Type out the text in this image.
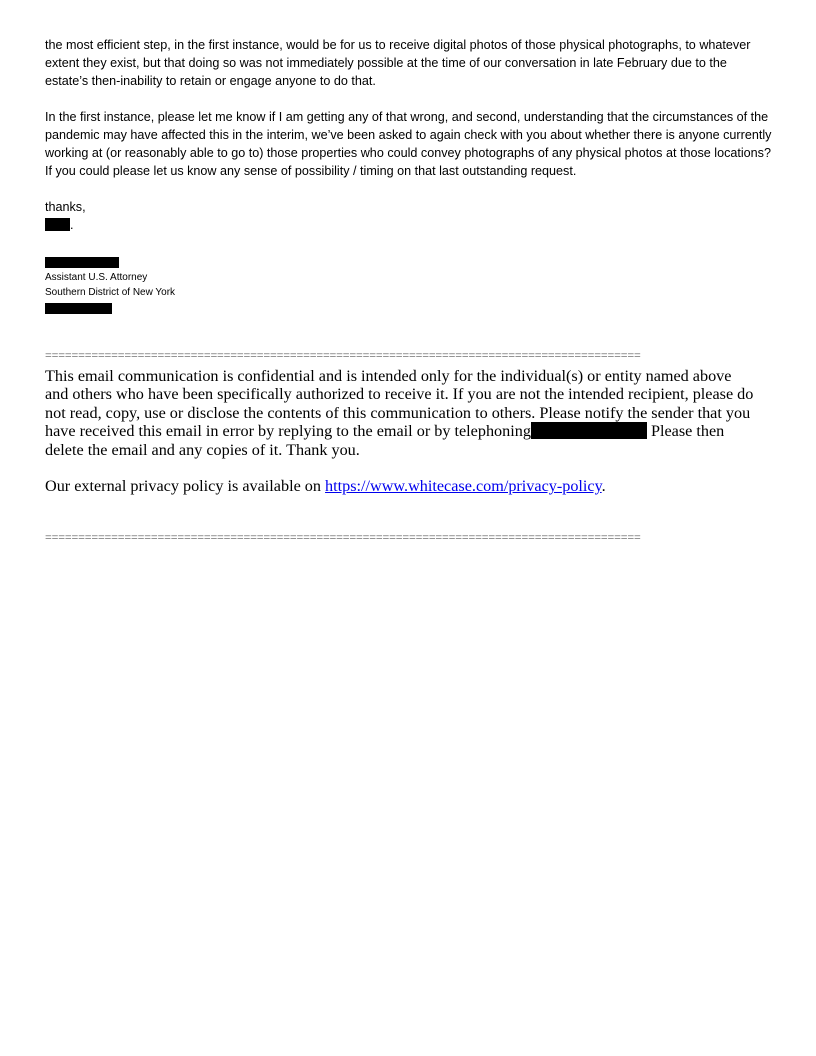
the most efficient step, in the first instance, would be for us to receive digital photos of those physical photographs, to whatever extent they exist, but that doing so was not immediately possible at the time of our conversation in late February due to the estate’s then-inability to retain or engage anyone to do that.

In the first instance, please let me know if I am getting any of that wrong, and second, understanding that the circumstances of the pandemic may have affected this in the interim, we’ve been asked to again check with you about whether there is anyone currently working at (or reasonably able to go to) those properties who could convey photographs of any physical photos at those locations? If you could please let us know any sense of possibility / timing on that last outstanding request.

thanks,
.

Assistant U.S. Attorney
Southern District of New York
==========================================================================================

This email communication is confidential and is intended only for the individual(s) or entity named above and others who have been specifically authorized to receive it. If you are not the intended recipient, please do not read, copy, use or disclose the contents of this communication to others. Please notify the sender that you have received this email in error by replying to the email or by telephoning	Please then delete the email and any copies of it. Thank you.

Our external privacy policy is available on https://www.whitecase.com/privacy-policy.

==========================================================================================
